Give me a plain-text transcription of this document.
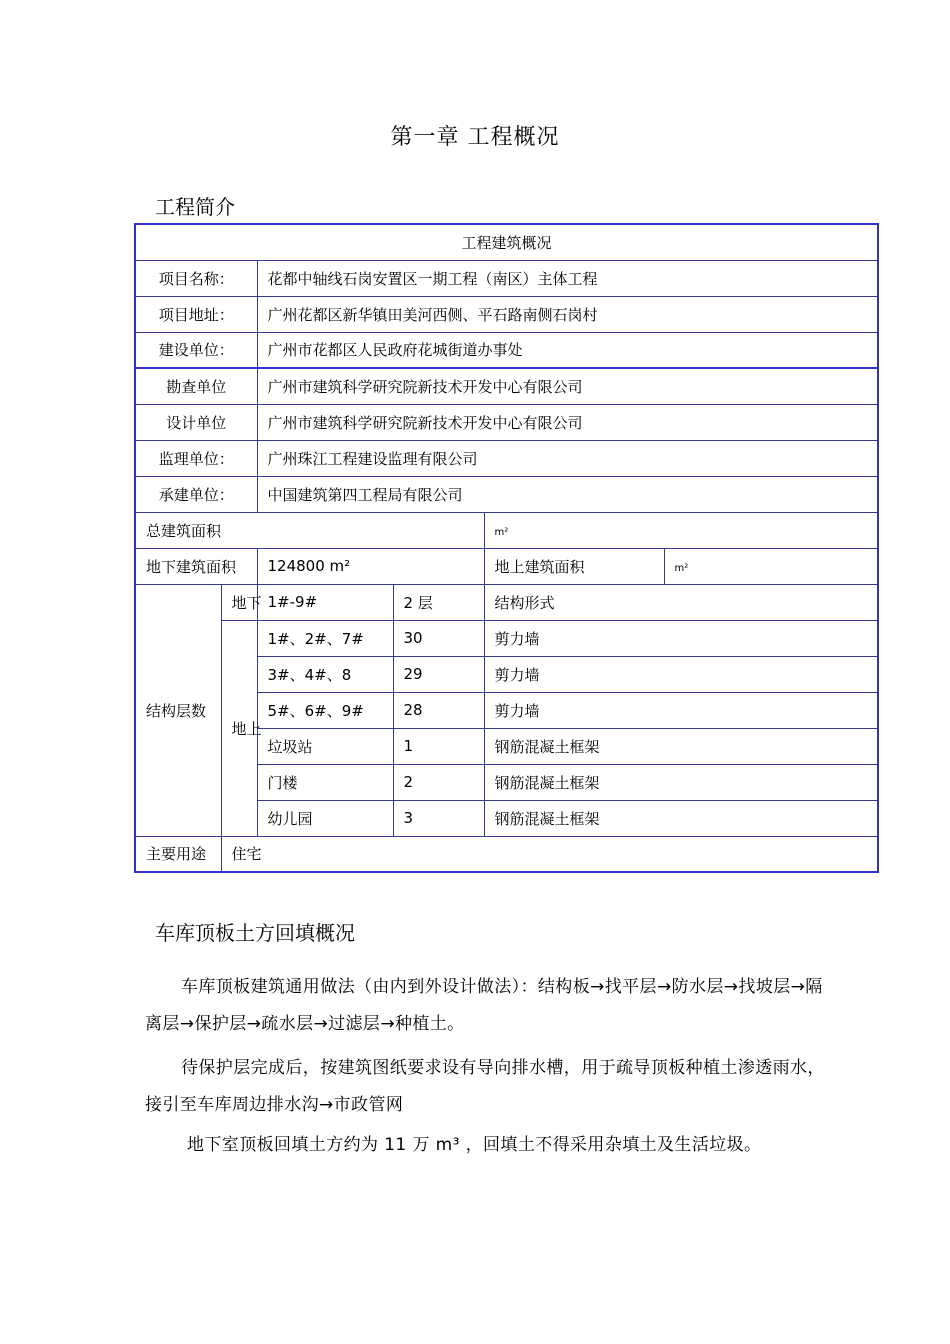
第一章 工程概况
工程简介
工程建筑概况					
项目名称：		花都中轴线石岗安置区一期工程（南区）主体工程			
项目地址：		广州花都区新华镇田美河西侧、平石路南侧石岗村			
建设单位：		广州市花都区人民政府花城街道办事处			
勘查单位		广州市建筑科学研究院新技术开发中心有限公司			
设计单位		广州市建筑科学研究院新技术开发中心有限公司			
监理单位：		广州珠江工程建设监理有限公司			
承建单位：		中国建筑第四工程局有限公司			
总建筑面积				m²	
地下建筑面积		124800 m²		地上建筑面积	m²
结构层数	地下	1#-9#	2 层	结构形式	
	地上	1#、2#、7#	30	剪力墙	
		3#、4#、8	29	剪力墙	
		5#、6#、9#	28	剪力墙	
		垃圾站	1	钢筋混凝土框架	
		门楼	2	钢筋混凝土框架	
		幼儿园	3	钢筋混凝土框架	
主要用途	住宅				
车库顶板土方回填概况
车库顶板建筑通用做法（由内到外设计做法）：结构板→找平层→防水层→找坡层→隔离层→保护层→疏水层→过滤层→种植土。
待保护层完成后，按建筑图纸要求设有导向排水槽，用于疏导顶板种植土渗透雨水，接引至车库周边排水沟→市政管网
地下室顶板回填土方约为 11 万 m³ ，回填土不得采用杂填土及生活垃圾。
